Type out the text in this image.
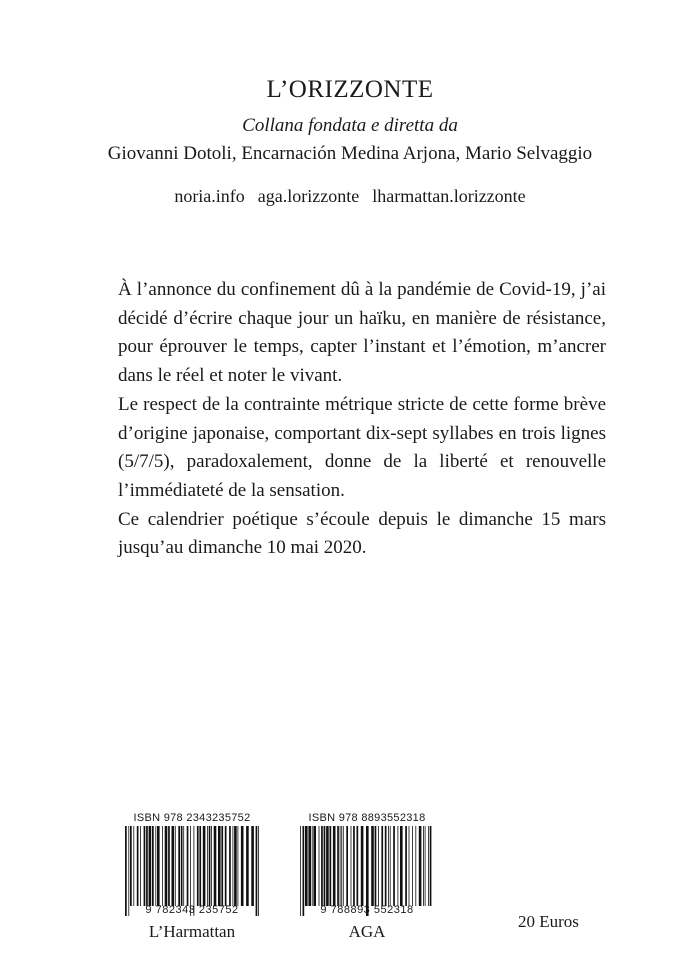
L’ORIZZONTE
Collana fondata e diretta da
Giovanni Dotoli, Encarnación Medina Arjona, Mario Selvaggio
noria.info  aga.lorizzonte  lharmattan.lorizzonte

À l’annonce du confinement dû à la pandémie de Covid-19, j’ai décidé d’écrire chaque jour un haïku, en manière de résistance, pour éprouver le temps, capter l’instant et l’émotion, m’ancrer dans le réel et noter le vivant.

Le respect de la contrainte métrique stricte de cette forme brève d’origine japonaise, comportant dix-sept syllabes en trois lignes (5/7/5), paradoxalement, donne de la liberté et renouvelle l’immédiateté de la sensation.

Ce calendrier poétique s’écoule depuis le dimanche 15 mars jusqu’au dimanche 10 mai 2020.

ISBN 978 2343235752
9 782343 235752
L’Harmattan
ISBN 978 8893552318
9 788893 552318
AGA
20 Euros
